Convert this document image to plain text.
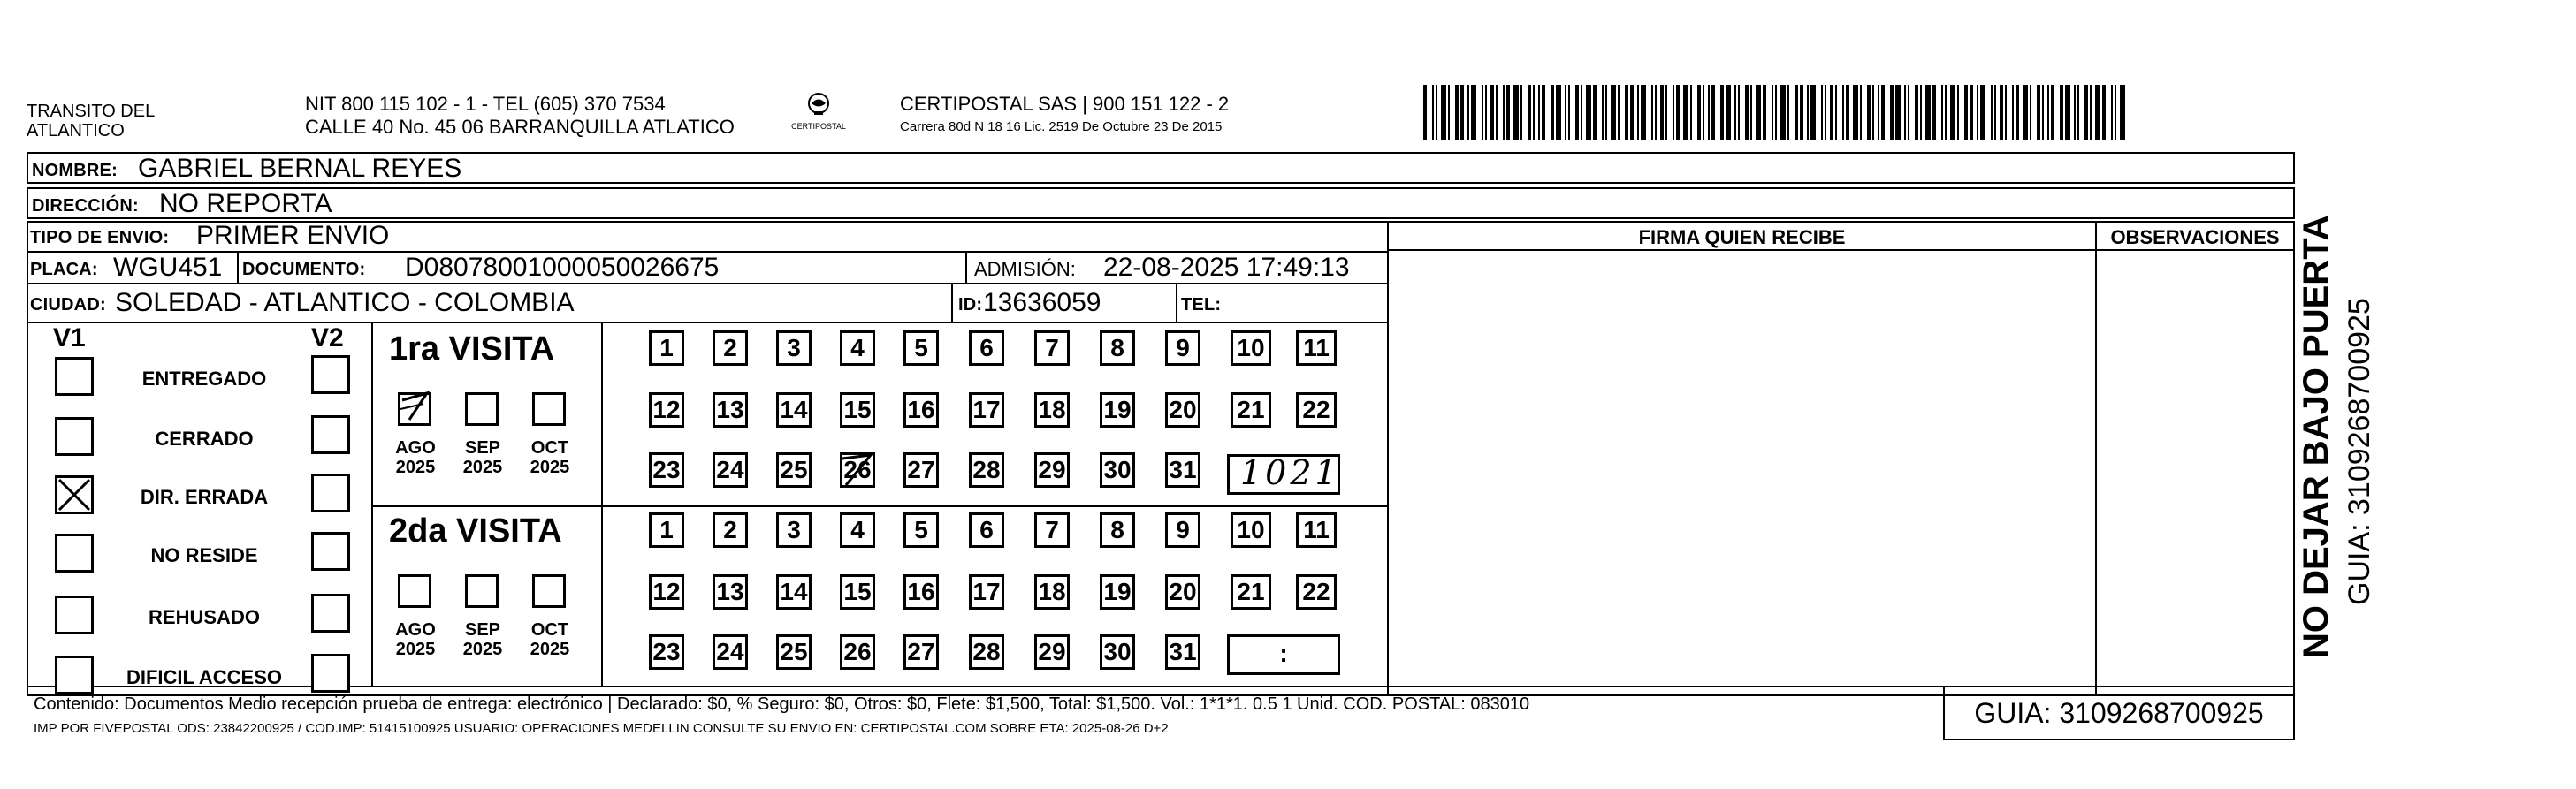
TRANSITO DEL
ATLANTICO
NIT 800 115 102 - 1 - TEL (605) 370 7534
CALLE 40 No. 45 06 BARRANQUILLA ATLATICO	CERTIPOSTAL
CERTIPOSTAL SAS | 900 151 122 - 2
Carrera 80d N 18 16 Lic. 2519 De Octubre 23 De 2015
NOMBRE: GABRIEL BERNAL REYES
DIRECCIÓN: NO REPORTA
FIRMA QUIEN RECIBE	OBSERVACIONES
TIPO DE ENVIO: PRIMER ENVIO
PLACA: WGU451 DOCUMENTO: D08078001000050026675	ADMISIÓN: 22-08-2025 17:49:13
CIUDAD: SOLEDAD - ATLANTICO - COLOMBIA	ID: 13636059	TEL:
V1	V2
ENTREGADO
CERRADO
DIR. ERRADA
NO RESIDE
REHUSADO
DIFICIL ACCESO
1ra VISITA
2da VISITA
AGO
2025
SEP
2025
OCT
2025
1	2	3	4	5	6	7	8	9	10 11
12 13 14 15 16 17 18 19 20 21 22
23 24 25 26 27 28 29 30 31
AGO
2025
SEP
2025
OCT
2025
1	2	3	4	5	6	7	8	9	10 11
12 13 14 15 16 17 18 19 20 21 22
23 24 25 26 27 28 29 30 31
1021
:
Contenido: Documentos Medio recepción prueba de entrega: electrónico | Declarado: $0, % Seguro: $0, Otros: $0, Flete: $1,500, Total: $1,500. Vol.: 1*1*1. 0.5 1 Unid. COD. POSTAL: 083010
IMP POR FIVEPOSTAL ODS: 23842200925 / COD.IMP: 51415100925 USUARIO: OPERACIONES MEDELLIN CONSULTE SU ENVIO EN: CERTIPOSTAL.COM SOBRE ETA: 2025-08-26 D+2	GUIA: 3109268700925
NO DEJAR BAJO PUERTA GUIA: 3109268700925
